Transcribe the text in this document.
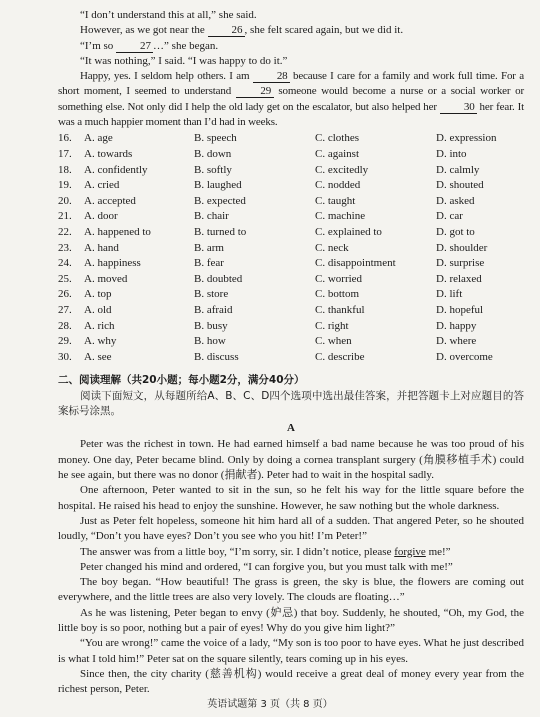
“I don’t understand this at all,” she said.

However, as we got near the 26 , she felt scared again, but we did it.

“I’m so 27 …” she began.

“It was nothing,” I said. “I was happy to do it.”

Happy, yes. I seldom help others. I am 28 because I care for a family and work full time. For a short moment, I seemed to understand	29 someone would become a nurse or a social worker or something else. Not only did I help the old lady get on the escalator, but also helped her 30 her fear. It was a much happier moment than I’d had in weeks.

16. A. age	B. speech	C. clothes	D. expression
17. A. towards	B. down	C. against	D. into
18. A. confidently	B. softly	C. excitedly	D. calmly
19. A. cried	B. laughed	C. nodded	D. shouted
20. A. accepted	B. expected	C. taught	D. asked
21. A. door	B. chair	C. machine	D. car
22. A. happened to	B. turned to	C. explained to	D. got to
23. A. hand	B. arm	C. neck	D. shoulder
24. A. happiness	B. fear	C. disappointment	D. surprise
25. A. moved	B. doubted	C. worried	D. relaxed
26. A. top	B. store	C. bottom	D. lift
27. A. old	B. afraid	C. thankful	D. hopeful
28. A. rich	B. busy	C. right	D. happy
29. A. why	B. how	C. when	D. where
30. A. see	B. discuss	C. describe	D. overcome
二、阅读理解（共20小题；每小题2分，满分40分）

阅读下面短文，从每题所给A、B、C、D四个选项中选出最佳答案，并把答题卡上对应题目的答案标号涂黑。

A

Peter was the richest in town. He had earned himself a bad name because he was too proud of his money. One day, Peter became blind. Only by doing a cornea transplant surgery (角膜移植手术) could he see again, but there was no donor (捐献者). Peter had to wait in the hospital sadly.

One afternoon, Peter wanted to sit in the sun, so he felt his way for the little square before the hospital. He raised his head to enjoy the sunshine. However, he saw nothing but the whole darkness.

Just as Peter felt hopeless, someone hit him hard all of a sudden. That angered Peter, so he shouted loudly, “Don’t you have eyes? Don’t you see who you hit! I’m Peter!”

The answer was from a little boy, “I’m sorry, sir. I didn’t notice, please forgive me!”

Peter changed his mind and ordered, “I can forgive you, but you must talk with me!”

The boy began. “How beautiful! The grass is green, the sky is blue, the flowers are coming out everywhere, and the little trees are also very lovely. The clouds are floating…”

As he was listening, Peter began to envy (妒忌) that boy. Suddenly, he shouted, “Oh, my God, the little boy is so poor, nothing but a pair of eyes! Why do you give him light?”

“You are wrong!” came the voice of a lady, “My son is too poor to have eyes. What he just described is what I told him!” Peter sat on the square silently, tears coming up in his eyes.

Since then, the city charity (慈善机构) would receive a great deal of money every year from the richest person, Peter.

英语试题第 3 页（共 8 页）
